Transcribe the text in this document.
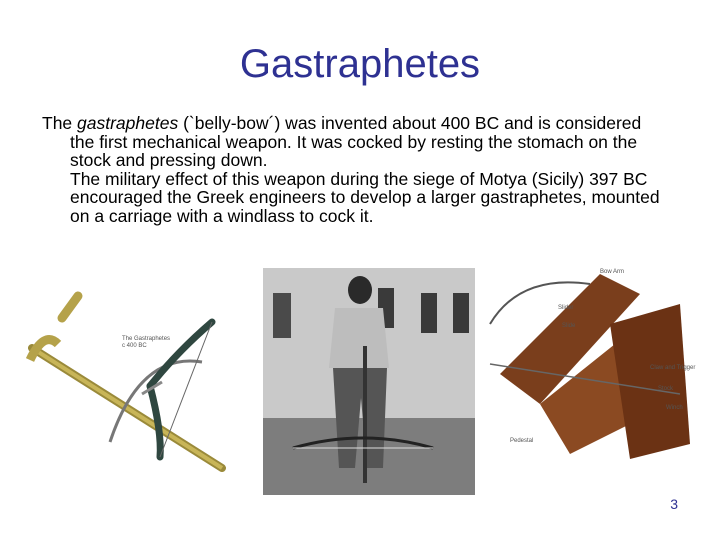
Gastraphetes

The gastraphetes (`belly-bow´) was invented about 400 BC and is considered the first mechanical weapon. It was cocked by resting the stomach on the stock and pressing down.

The military effect of this weapon during the siege of Motya (Sicily) 397 BC encouraged the Greek engineers to develop a larger gastraphetes, mounted on a carriage with a windlass to cock it.

The Gastraphetes
c 400 BC
Bow Arm
Slider
Slide
Claw and Trigger
Stock
Winch
Pedestal
3
